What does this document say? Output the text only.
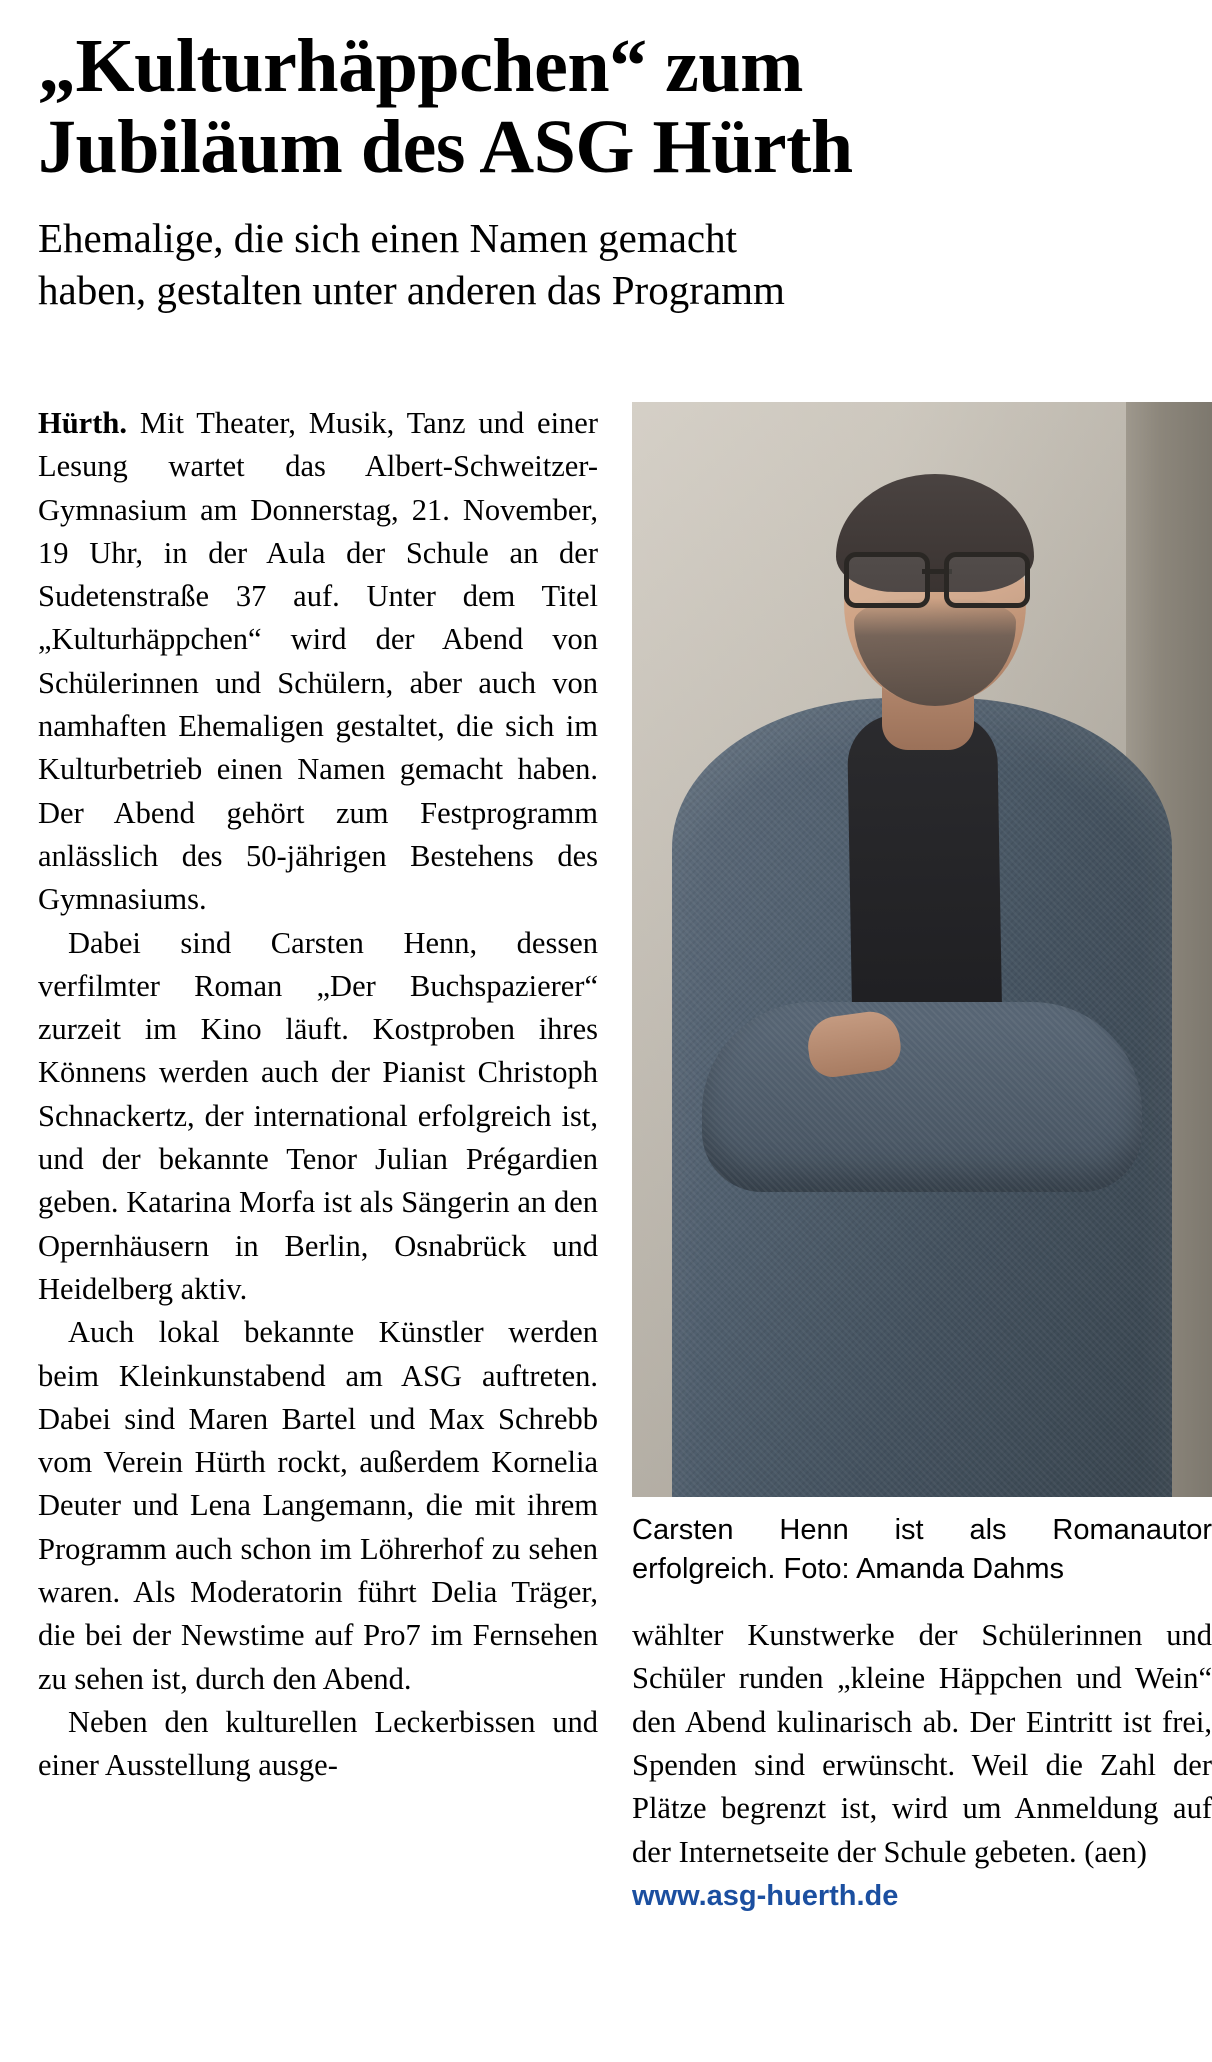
„Kulturhäppchen“ zum
Jubiläum des ASG Hürth
Ehemalige, die sich einen Namen gemacht
haben, gestalten unter anderen das Programm

Hürth. Mit Theater, Musik, Tanz und einer Lesung wartet das Albert-Schweitzer-Gymnasium am Donnerstag, 21. November, 19 Uhr, in der Aula der Schule an der Sudetenstraße 37 auf. Unter dem Titel „Kulturhäppchen“ wird der Abend von Schülerinnen und Schülern, aber auch von namhaften Ehemaligen gestaltet, die sich im Kulturbetrieb einen Namen gemacht haben. Der Abend gehört zum Festprogramm anlässlich des 50-jährigen Bestehens des Gymnasiums.

Dabei sind Carsten Henn, dessen verfilmter Roman „Der Buchspazierer“ zurzeit im Kino läuft. Kostproben ihres Könnens werden auch der Pianist Christoph Schnackertz, der international erfolgreich ist, und der bekannte Tenor Julian Prégardien geben. Katarina Morfa ist als Sängerin an den Opernhäusern in Berlin, Osnabrück und Heidelberg aktiv.

Auch lokal bekannte Künstler werden beim Kleinkunstabend am ASG auftreten. Dabei sind Maren Bartel und Max Schrebb vom Verein Hürth rockt, außerdem Kornelia Deuter und Lena Langemann, die mit ihrem Programm auch schon im Löhrerhof zu sehen waren. Als Moderatorin führt Delia Träger, die bei der Newstime auf Pro7 im Fernsehen zu sehen ist, durch den Abend.

Neben den kulturellen Leckerbissen und einer Ausstellung ausge-

Carsten Henn ist als Romanautor erfolgreich. Foto: Amanda Dahms

wählter Kunstwerke der Schülerinnen und Schüler runden „kleine Häppchen und Wein“ den Abend kulinarisch ab. Der Eintritt ist frei, Spenden sind erwünscht. Weil die Zahl der Plätze begrenzt ist, wird um Anmeldung auf der Internetseite der Schule gebeten. (aen)

www.asg-huerth.de
